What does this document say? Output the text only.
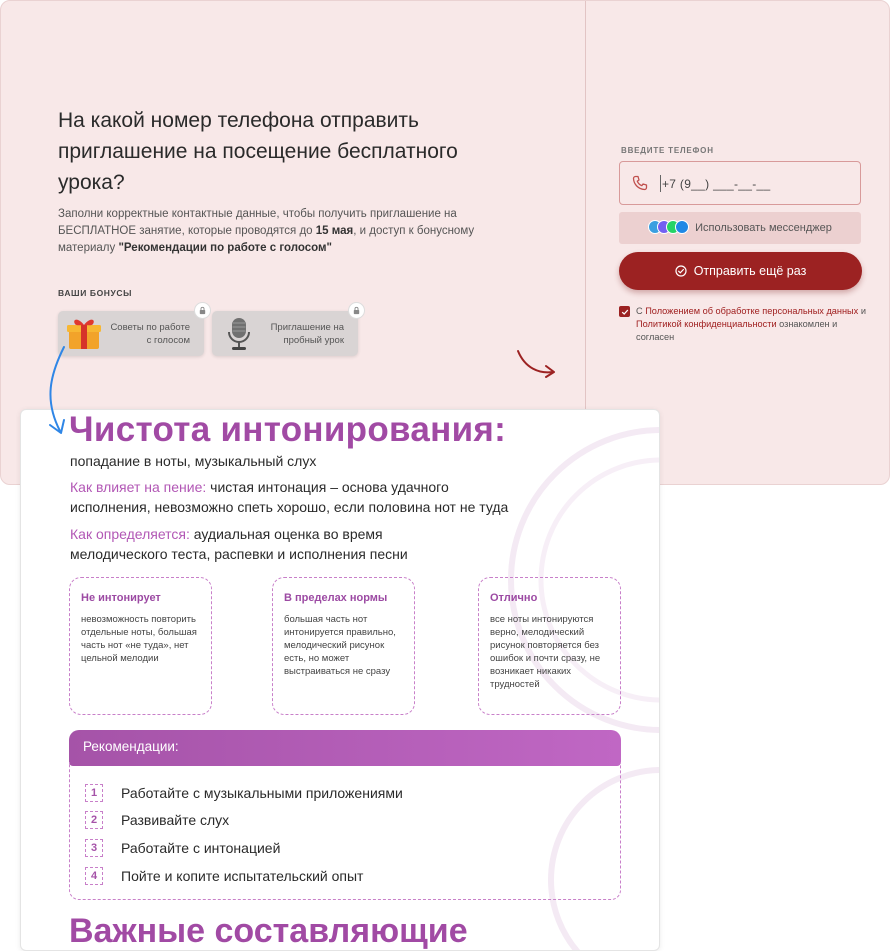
На какой номер телефона отправить приглашение на посещение бесплатного урока?
Заполни корректные контактные данные, чтобы получить приглашение на БЕСПЛАТНОЕ занятие, которые проводятся до 15 мая, и доступ к бонусному материалу "Рекомендации по работе с голосом"
ВАШИ БОНУСЫ
Советы по работе
с голосом
Приглашение на
пробный урок
ВВЕДИТЕ ТЕЛЕФОН
+7 (9__) ___-__-__
Использовать мессенджер
Отправить ещё раз
С Положением об обработке персональных данных и Политикой конфиденциальности ознакомлен и согласен
Чистота интонирования:
попадание в ноты, музыкальный слух
Как влияет на пение: чистая интонация – основа удачного
исполнения, невозможно спеть хорошо, если половина нот не туда
Как определяется: аудиальная оценка во время
мелодического теста, распевки и исполнения песни
Не интонирует
невозможность повторить отдельные ноты, большая часть нот «не туда», нет цельной мелодии
В пределах нормы
большая часть нот интонируется правильно, мелодический рисунок есть, но может выстраиваться не сразу
Отлично
все ноты интонируются верно, мелодический рисунок повторяется без ошибок и почти сразу, не возникает никаких трудностей
Рекомендации:
1	Работайте с музыкальными приложениями
2	Развивайте слух
3	Работайте с интонацией
4	Пойте и копите испытательский опыт
Важные составляющие
